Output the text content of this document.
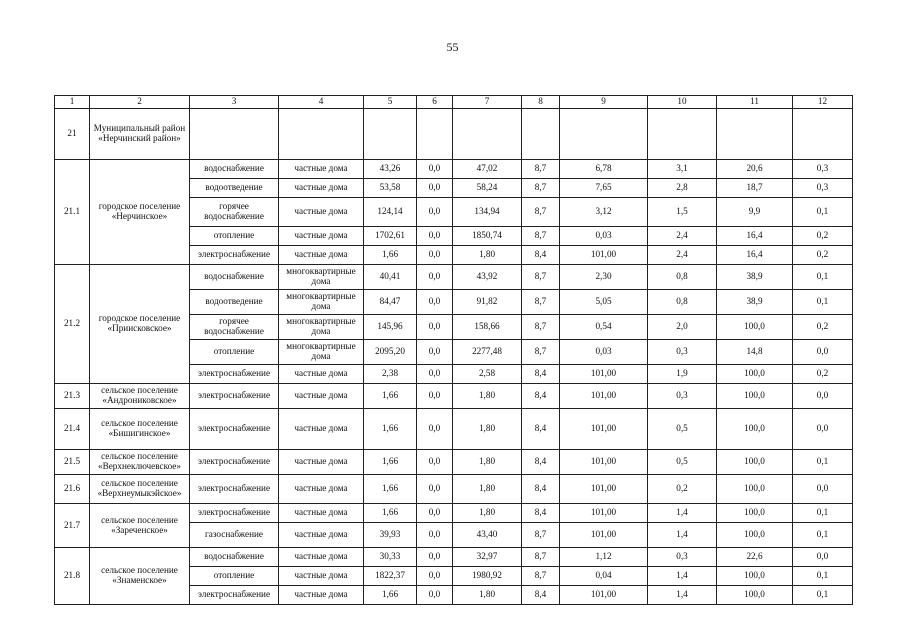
55
1	2	3	4	5	6	7	8	9	10	11	12
21	Муниципальный район «Нерчинский район»										
21.1	городское поселение «Нерчинское»	водоснабжение	частные дома	43,26	0,0	47,02	8,7	6,78	3,1	20,6	0,3
		водоотведение	частные дома	53,58	0,0	58,24	8,7	7,65	2,8	18,7	0,3
		горячее водоснабжение	частные дома	124,14	0,0	134,94	8,7	3,12	1,5	9,9	0,1
		отопление	частные дома	1702,61	0,0	1850,74	8,7	0,03	2,4	16,4	0,2
		электроснабжение	частные дома	1,66	0,0	1,80	8,4	101,00	2,4	16,4	0,2
21.2	городское поселение «Приисковское»	водоснабжение	многоквартирные дома	40,41	0,0	43,92	8,7	2,30	0,8	38,9	0,1
		водоотведение	многоквартирные дома	84,47	0,0	91,82	8,7	5,05	0,8	38,9	0,1
		горячее водоснабжение	многоквартирные дома	145,96	0,0	158,66	8,7	0,54	2,0	100,0	0,2
		отопление	многоквартирные дома	2095,20	0,0	2277,48	8,7	0,03	0,3	14,8	0,0
		электроснабжение	частные дома	2,38	0,0	2,58	8,4	101,00	1,9	100,0	0,2
21.3	сельское поселение «Андрониковское»	электроснабжение	частные дома	1,66	0,0	1,80	8,4	101,00	0,3	100,0	0,0
21.4	сельское поселение «Бишигинское»	электроснабжение	частные дома	1,66	0,0	1,80	8,4	101,00	0,5	100,0	0,0
21.5	сельское поселение «Верхнеключевское»	электроснабжение	частные дома	1,66	0,0	1,80	8,4	101,00	0,5	100,0	0,1
21.6	сельское поселение «Верхнеумыкэйское»	электроснабжение	частные дома	1,66	0,0	1,80	8,4	101,00	0,2	100,0	0,0
21.7	сельское поселение «Зареченское»	электроснабжение	частные дома	1,66	0,0	1,80	8,4	101,00	1,4	100,0	0,1
		газоснабжение	частные дома	39,93	0,0	43,40	8,7	101,00	1,4	100,0	0,1
21.8	сельское поселение «Знаменское»	водоснабжение	частные дома	30,33	0,0	32,97	8,7	1,12	0,3	22,6	0,0
		отопление	частные дома	1822,37	0,0	1980,92	8,7	0,04	1,4	100,0	0,1
		электроснабжение	частные дома	1,66	0,0	1,80	8,4	101,00	1,4	100,0	0,1
